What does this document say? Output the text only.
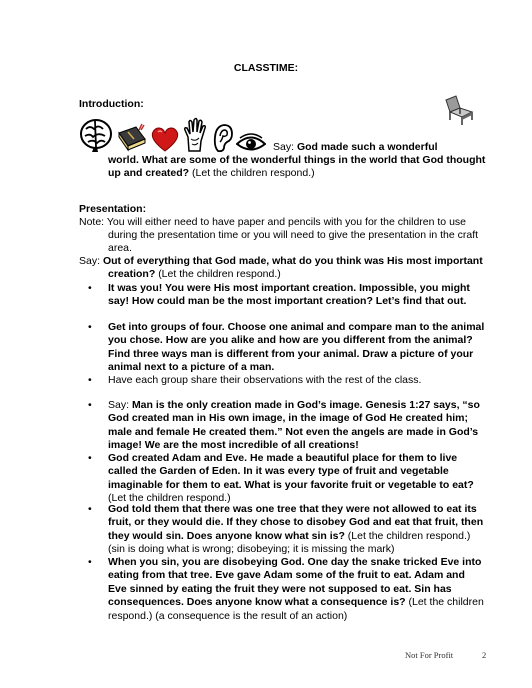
CLASSTIME:
Introduction:
Say: God made such a wonderful
world. What are some of the wonderful things in the world that God thought
up and created? (Let the children respond.)
Presentation:
Note: You will either need to have paper and pencils with you for the children to use
during the presentation time or you will need to give the presentation in the craft
area.
Say: Out of everything that God made, what do you think was His most important
creation? (Let the children respond.)
• It was you! You were His most important creation. Impossible, you might
say! How could man be the most important creation? Let’s find that out.
• Get into groups of four. Choose one animal and compare man to the animal
you chose. How are you alike and how are you different from the animal?
Find three ways man is different from your animal. Draw a picture of your
animal next to a picture of a man.
• Have each group share their observations with the rest of the class.
• Say: Man is the only creation made in God’s image. Genesis 1:27 says, “so
God created man in His own image, in the image of God He created him;
male and female He created them.” Not even the angels are made in God’s
image! We are the most incredible of all creations!
• God created Adam and Eve. He made a beautiful place for them to live
called the Garden of Eden. In it was every type of fruit and vegetable
imaginable for them to eat. What is your favorite fruit or vegetable to eat?
(Let the children respond.)
• God told them that there was one tree that they were not allowed to eat its
fruit, or they would die. If they chose to disobey God and eat that fruit, then
they would sin. Does anyone know what sin is? (Let the children respond.)
(sin is doing what is wrong; disobeying; it is missing the mark)
• When you sin, you are disobeying God. One day the snake tricked Eve into
eating from that tree. Eve gave Adam some of the fruit to eat. Adam and
Eve sinned by eating the fruit they were not supposed to eat. Sin has
consequences. Does anyone know what a consequence is? (Let the children
respond.) (a consequence is the result of an action)
Not For Profit	2
